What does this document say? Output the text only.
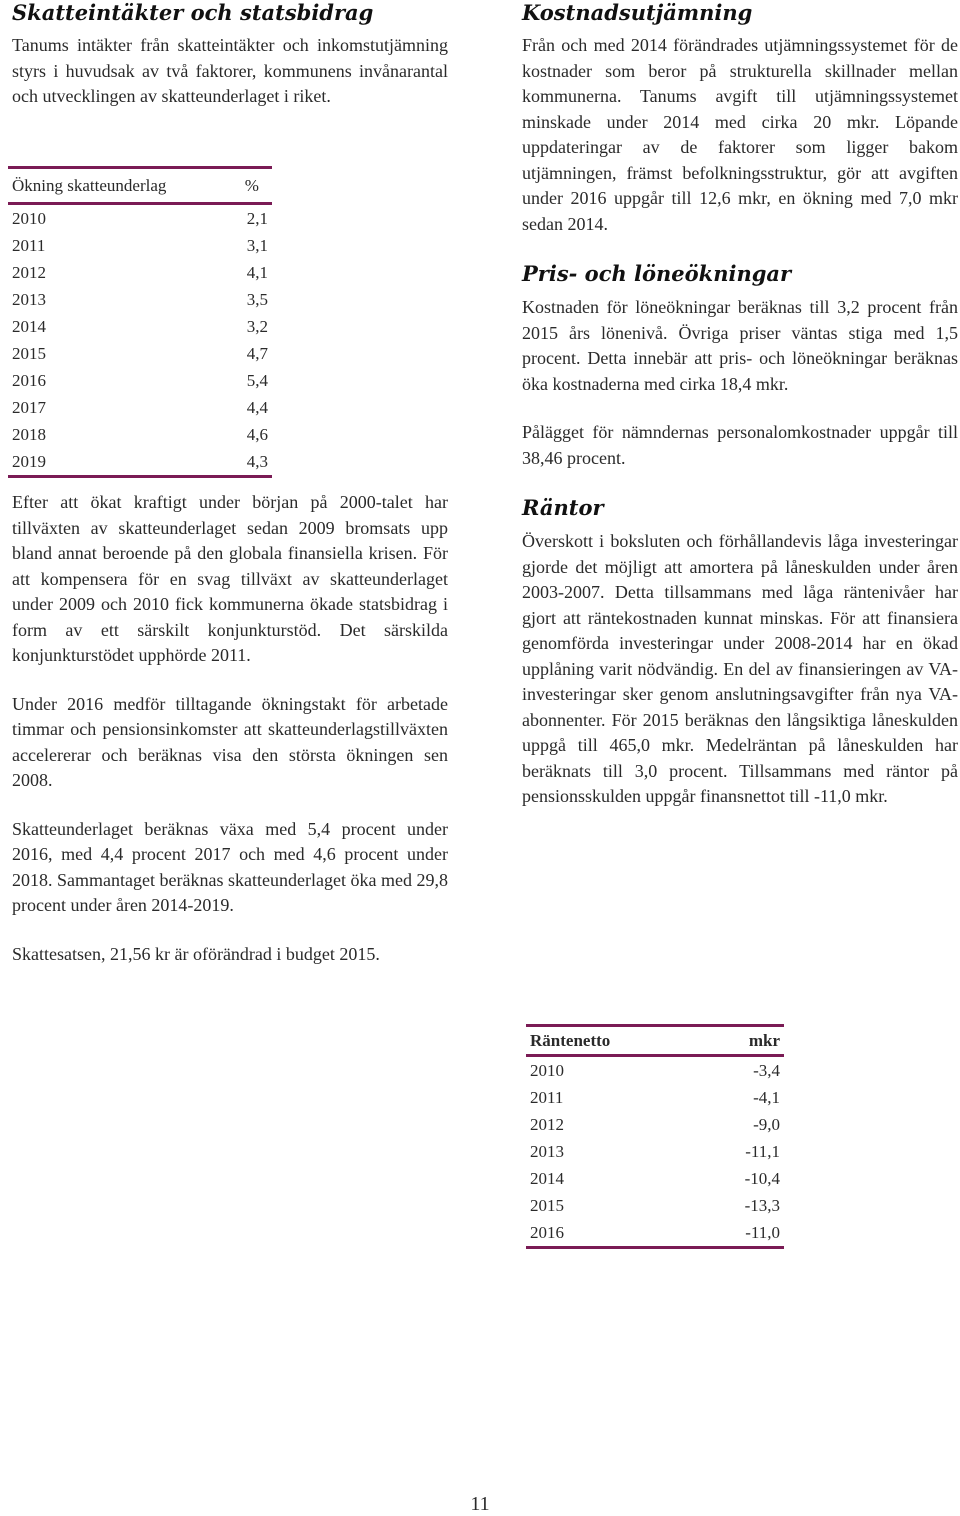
Skatteintäkter och statsbidrag

Tanums intäkter från skatteintäkter och inkomstutjämning styrs i huvudsak av två faktorer, kommunens invånarantal och utvecklingen av skatteunderlaget i riket.

Ökning skatteunderlag	%
2010	2,1
2011	3,1
2012	4,1
2013	3,5
2014	3,2
2015	4,7
2016	5,4
2017	4,4
2018	4,6
2019	4,3

Efter att ökat kraftigt under början på 2000-talet har tillväxten av skatteunderlaget sedan 2009 bromsats upp bland annat beroende på den globala finansiella krisen. För att kompensera för en svag tillväxt av skatteunderlaget under 2009 och 2010 fick kommunerna ökade statsbidrag i form av ett särskilt konjunkturstöd. Det särskilda konjunkturstödet upphörde 2011.

Under 2016 medför tilltagande ökningstakt för arbetade timmar och pensionsinkomster att skatteunderlagstillväxten accelererar och beräknas visa den största ökningen sen 2008.

Skatteunderlaget beräknas växa med 5,4 procent under 2016, med 4,4 procent 2017 och med 4,6 procent under 2018. Sammantaget beräknas skatteunderlaget öka med 29,8 procent under åren 2014-2019.

Skattesatsen, 21,56 kr är oförändrad i budget 2015.

Kostnadsutjämning

Från och med 2014 förändrades utjämningssystemet för de kostnader som beror på strukturella skillnader mellan kommunerna. Tanums avgift till utjämningssystemet minskade under 2014 med cirka 20 mkr. Löpande uppdateringar av de faktorer som ligger bakom utjämningen, främst befolkningsstruktur, gör att avgiften under 2016 uppgår till 12,6 mkr, en ökning med 7,0 mkr sedan 2014.

Pris- och löneökningar

Kostnaden för löneökningar beräknas till 3,2 procent från 2015 års lönenivå. Övriga priser väntas stiga med 1,5 procent. Detta innebär att pris- och löneökningar beräknas öka kostnaderna med cirka 18,4 mkr.

Pålägget för nämndernas personalomkostnader uppgår till 38,46 procent.

Räntor

Överskott i boksluten och förhållandevis låga investeringar gjorde det möjligt att amortera på låneskulden under åren 2003-2007. Detta tillsammans med låga räntenivåer har gjort att räntekostnaden kunnat minskas. För att finansiera genomförda investeringar under 2008-2014 har en ökad upplåning varit nödvändig. En del av finansieringen av VA-investeringar sker genom anslutningsavgifter från nya VA-abonnenter. För 2015 beräknas den långsiktiga låneskulden uppgå till 465,0 mkr. Medelräntan på låneskulden har beräknats till 3,0 procent. Tillsammans med räntor på pensionsskulden uppgår finansnettot till -11,0 mkr.

Räntenetto	mkr
2010	-3,4
2011	-4,1
2012	-9,0
2013	-11,1
2014	-10,4
2015	-13,3
2016	-11,0
11
